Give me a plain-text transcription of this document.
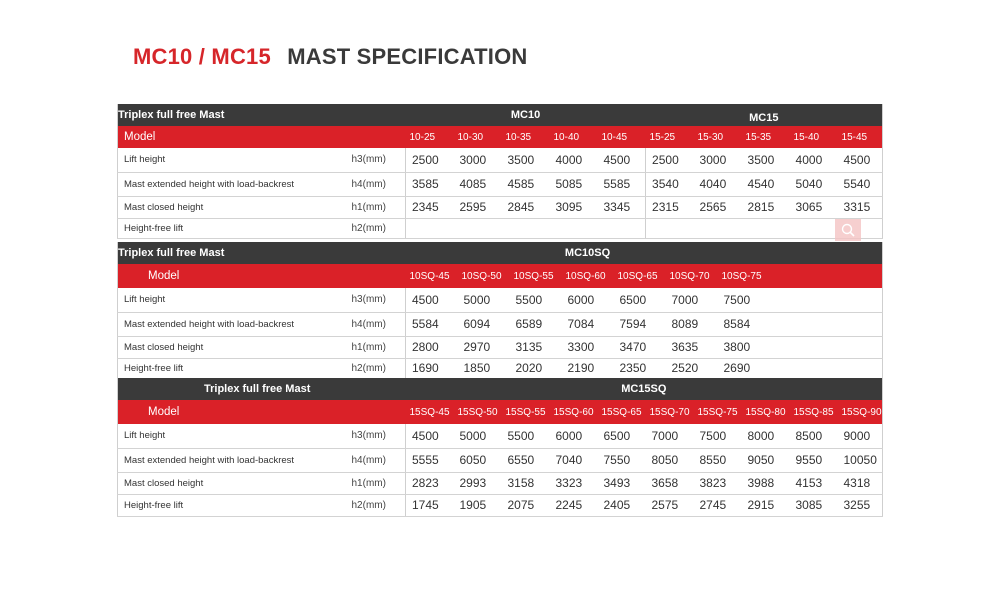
MC10 / MC15 MAST SPECIFICATION
Triplex full free Mast		MC10					MC15				
Model		10-25	10-30	10-35	10-40	10-45	15-25	15-30	15-35	15-40	15-45
Lift height	h3(mm)	2500	3000	3500	4000	4500	2500	3000	3500	4000	4500
Mast extended height with load-backrest	h4(mm)	3585	4085	4585	5085	5585	3540	4040	4540	5040	5540
Mast closed height	h1(mm)	2345	2595	2845	3095	3345	2315	2565	2815	3065	3315
Height-free lift	h2(mm)										
Triplex full free Mast		MC10SQ							
Model		10SQ-45	10SQ-50	10SQ-55	10SQ-60	10SQ-65	10SQ-70	10SQ-75	
Lift height	h3(mm)	4500	5000	5500	6000	6500	7000	7500	
Mast extended height with load-backrest	h4(mm)	5584	6094	6589	7084	7594	8089	8584	
Mast closed height	h1(mm)	2800	2970	3135	3300	3470	3635	3800	
Height-free lift	h2(mm)	1690	1850	2020	2190	2350	2520	2690	
Triplex full free Mast		MC15SQ									
Model		15SQ-45	15SQ-50	15SQ-55	15SQ-60	15SQ-65	15SQ-70	15SQ-75	15SQ-80	15SQ-85	15SQ-90
Lift height	h3(mm)	4500	5000	5500	6000	6500	7000	7500	8000	8500	9000
Mast extended height with load-backrest	h4(mm)	5555	6050	6550	7040	7550	8050	8550	9050	9550	10050
Mast closed height	h1(mm)	2823	2993	3158	3323	3493	3658	3823	3988	4153	4318
Height-free lift	h2(mm)	1745	1905	2075	2245	2405	2575	2745	2915	3085	3255
